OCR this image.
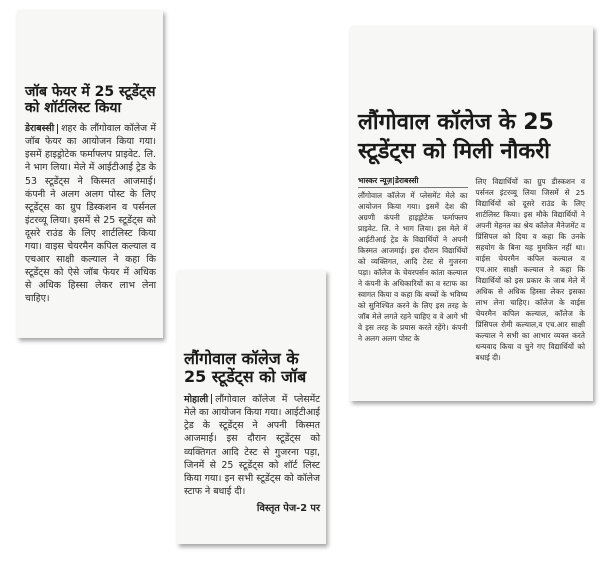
जॉब फेयर में 25 स्टूडेंट्स को शॉर्टलिस्ट किया

डेराबस्सी शहर के लौंगोवाल कॉलेज में जॉब फेयर का आयोजन किया गया। इसमें हाइड्रोटेक फर्माफ्लप प्राइवेट. लि. ने भाग लिया। मेले में आईटीआई ट्रेड के 53 स्टूडेंट्स ने किस्मत आजमाई। कंपनी ने अलग अलग पोस्ट के लिए स्टूडेंट्स का ग्रुप डिस्कशन व पर्सनल इंटरव्यू लिया। इसमें से 25 स्टूडेंट्स को दूसरे राउंड के लिए शार्टलिस्ट किया गया। वाइस चेयरमैन कपिल कल्याल व एचआर साक्षी कल्याल ने कहा कि स्टूडेंट्स को ऐसे जॉब फेयर में अधिक से अधिक हिस्सा लेकर लाभ लेना चाहिए।

लौंगोवाल कॉलेज के 25 स्टूडेंट्स को जॉब

मोहाली लौंगोवाल कॉलेज में प्लेसमेंट मेले का आयोजन किया गया। आईटीआई ट्रेड के स्टूडेंट्स ने अपनी किस्मत आजमाई। इस दौरान स्टूडेंट्स को व्यक्तिगत आदि टेस्ट से गुजरना पड़ा, जिनमें से 25 स्टूडेंट्स को शॉर्ट लिस्ट किया गया। इन सभी स्टूडेंट्स को कॉलेज स्टाफ ने बधाई दी।

विस्तृत पेज-2 पर
लौंगोवाल कॉलेज के 25 स्टूडेंट्स को मिली नौकरी
भास्कर न्यूज़|डेराबस्सी

लौंगोवाल कॉलेज में प्लेसमेंट मेले का आयोजन किया गया। इसमें देश की अग्रणी कंपनी हाइड्रोटेक फर्माफ्लप प्राइवेट. लि. ने भाग लिया। इस मेले में आईटीआई ट्रेड के विद्यार्थियों ने अपनी किस्मत आजमाई। इस दौरान विद्यार्थियों को व्यक्तिगत, आदि टेस्ट से गुजरना पड़ा। कॉलेज के चेयरपर्सन कांता कल्याल ने कंपनी के अधिकारियों का व स्टाफ का स्वागत किया व कहा कि बच्चों के भविष्य को सुनिश्चित करने के लिए इस तरह के जॉब मेले लगते रहने चाहिए व वे आगे भी वे इस तरह के प्रयास करते रहेंगे। कंपनी ने अलग अलग पोस्ट के

लिए विद्यार्थियों का ग्रुप डीस्कशन व पर्सनल इंटरव्यू लिया जिसमें से 25 विद्यार्थियों को दूसरे राउंड के लिए शार्टलिस्ट किया। इस मौके विद्यार्थियों ने अपनी मेहनत का श्रेय कॉलेज मैनेजमेंट व प्रिंसिपल को दिया व कहा कि उनके सहयोग के बिना यह मुमकिन नहीं था। वाईस चेयरमैन कपिल कल्याल व एच.आर साक्षी कल्याल ने कहा कि विद्यार्थियों को इस प्रकार के जाब मेले में अधिक से अधिक हिस्सा लेकर इसका लाभ लेना चाहिए। कॉलेज के वाईस चेयरमैन कपिल कल्याल, कॉलेज के प्रिंसिपल रोमी कल्याल,व एच.आर साक्षी कल्याल ने सभी का आभार व्यक्त करते धन्यवाद किया व चुने गए विद्यार्थियों को बधाई दी।
